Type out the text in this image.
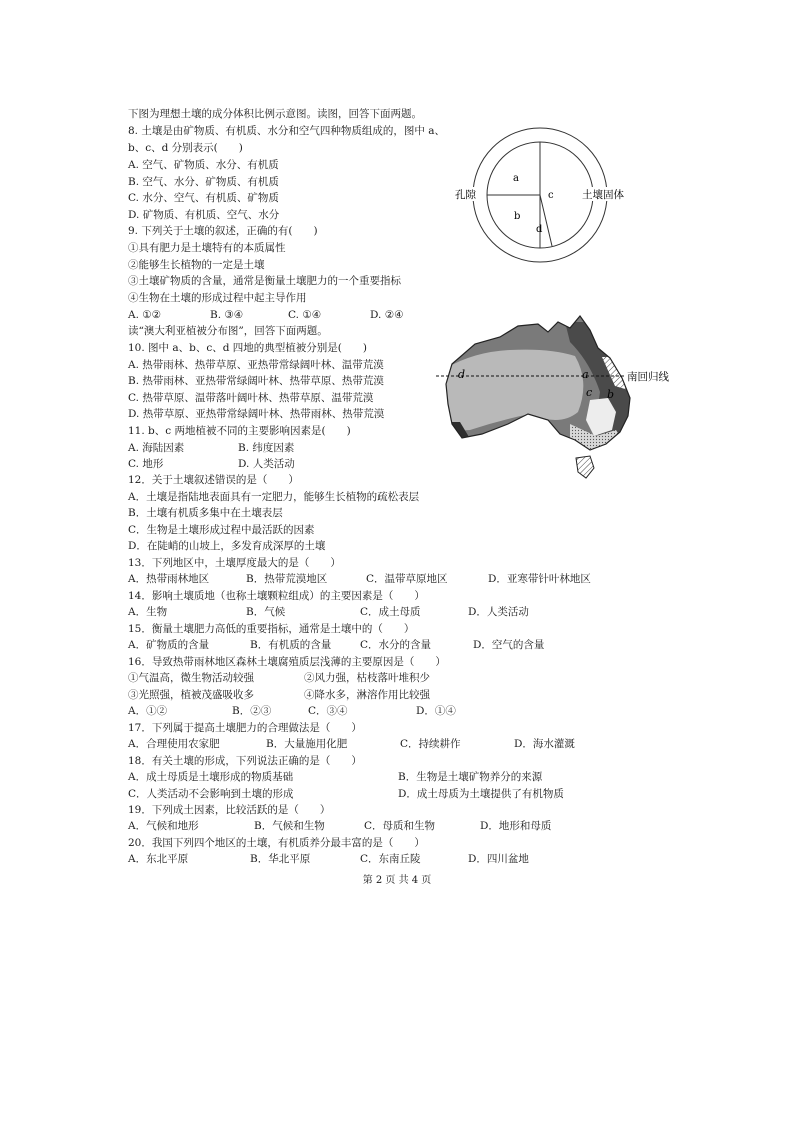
下图为理想土壤的成分体积比例示意图。读图，回答下面两题。
8. 土壤是由矿物质、有机质、水分和空气四种物质组成的，图中 a、
b、c、d 分别表示(　　)
A. 空气、矿物质、水分、有机质
B. 空气、水分、矿物质、有机质
C. 水分、空气、有机质、矿物质
D. 矿物质、有机质、空气、水分
a
b
c
d
孔隙	土壤固体
9. 下列关于土壤的叙述，正确的有(　　)
①具有肥力是土壤特有的本质属性
②能够生长植物的一定是土壤
③土壤矿物质的含量，通常是衡量土壤肥力的一个重要指标
④生物在土壤的形成过程中起主导作用
A. ①②	B. ③④	C. ①④	D. ②④
读“澳大利亚植被分布图”，回答下面两题。
10. 图中 a、b、c、d 四地的典型植被分别是(　　)
A. 热带雨林、热带草原、亚热带常绿阔叶林、温带荒漠
B. 热带雨林、亚热带常绿阔叶林、热带草原、热带荒漠
C. 热带草原、温带落叶阔叶林、热带草原、温带荒漠
D. 热带草原、亚热带常绿阔叶林、热带雨林、热带荒漠
d	a
c b
南回归线
11. b、c 两地植被不同的主要影响因素是(　　)
A. 海陆因素	B. 纬度因素
C. 地形	D. 人类活动
12．关于土壤叙述错误的是（　　）
A．土壤是指陆地表面具有一定肥力，能够生长植物的疏松表层
B．土壤有机质多集中在土壤表层
C．生物是土壤形成过程中最活跃的因素
D．在陡峭的山坡上，多发育成深厚的土壤
13．下列地区中，土壤厚度最大的是（　　）
A．热带雨林地区	B．热带荒漠地区	C．温带草原地区	D．亚寒带针叶林地区
14．影响土壤质地（也称土壤颗粒组成）的主要因素是（　　）
A．生物	B．气候	C．成土母质	D．人类活动
15．衡量土壤肥力高低的重要指标，通常是土壤中的（　　）
A．矿物质的含量	B．有机质的含量	C．水分的含量	D．空气的含量
16．导致热带雨林地区森林土壤腐殖质层浅薄的主要原因是（　　）
①气温高，微生物活动较强	②风力强，枯枝落叶堆积少
③光照强，植被茂盛吸收多	④降水多，淋溶作用比较强
A．①②	B．②③	C．③④	D．①④
17．下列属于提高土壤肥力的合理做法是（　　）
A．合理使用农家肥	B．大量施用化肥	C．持续耕作	D．海水灌溉
18．有关土壤的形成，下列说法正确的是（　　）
A．成土母质是土壤形成的物质基础	B．生物是土壤矿物养分的来源
C．人类活动不会影响到土壤的形成	D．成土母质为土壤提供了有机物质
19．下列成土因素，比较活跃的是（　　）
A．气候和地形	B．气候和生物	C．母质和生物	D．地形和母质
20．我国下列四个地区的土壤，有机质养分最丰富的是（　　）
A．东北平原	B．华北平原	C．东南丘陵	D．四川盆地
第 2 页 共 4 页
